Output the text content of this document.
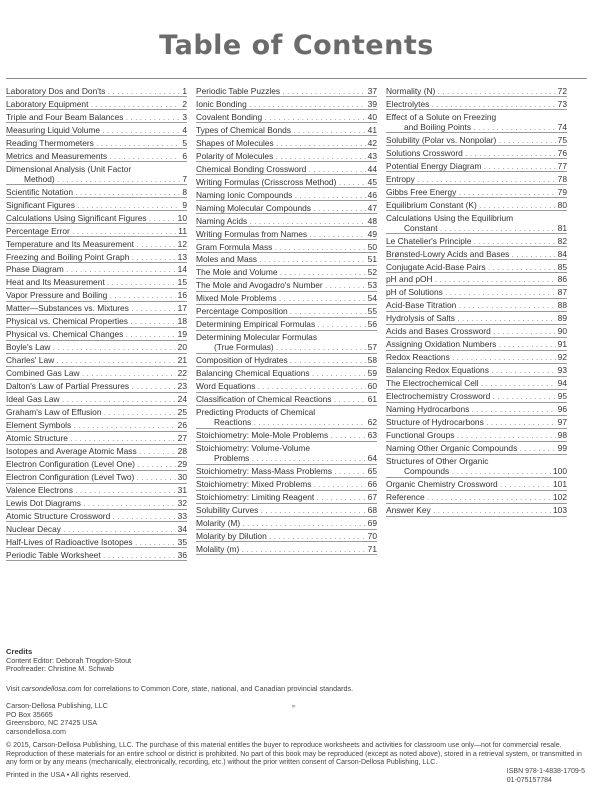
Table of Contents
Laboratory Dos and Don'ts . . .	1
Laboratory Equipment . . .	2
Triple and Four Beam Balances . . .	3
Measuring Liquid Volume . . .	4
Reading Thermometers . . .	5
Metrics and Measurements . . .	6
Dimensional Analysis (Unit Factor
Method) . . .	7
Scientific Notation . . .	8
Significant Figures . . .	9
Calculations Using Significant Figures . . .	10
Percentage Error . . .	11
Temperature and Its Measurement . . .	12
Freezing and Boiling Point Graph . . .	13
Phase Diagram . . .	14
Heat and Its Measurement . . .	15
Vapor Pressure and Boiling . . .	16
Matter—Substances vs. Mixtures . . .	17
Physical vs. Chemical Properties . . .	18
Physical vs. Chemical Changes . . .	19
Boyle's Law . . .	20
Charles' Law . . .	21
Combined Gas Law . . .	22
Dalton's Law of Partial Pressures . . .	23
Ideal Gas Law . . .	24
Graham's Law of Effusion . . .	25
Element Symbols . . .	26
Atomic Structure . . .	27
Isotopes and Average Atomic Mass . . .	28
Electron Configuration (Level One) . . .	29
Electron Configuration (Level Two) . . .	30
Valence Electrons . . .	31
Lewis Dot Diagrams . . .	32
Atomic Structure Crossword . . .	33
Nuclear Decay . . .	34
Half-Lives of Radioactive Isotopes . . .	35
Periodic Table Worksheet . . .	36
Periodic Table Puzzles . . .	37
Ionic Bonding . . .	39
Covalent Bonding . . .	40
Types of Chemical Bonds . . .	41
Shapes of Molecules . . .	42
Polarity of Molecules . . .	43
Chemical Bonding Crossword . . .	44
Writing Formulas (Crisscross Method) . . .	45
Naming Ionic Compounds . . .	46
Naming Molecular Compounds . . .	47
Naming Acids . . .	48
Writing Formulas from Names . . .	49
Gram Formula Mass . . .	50
Moles and Mass . . .	51
The Mole and Volume . . .	52
The Mole and Avogadro's Number . . .	53
Mixed Mole Problems . . .	54
Percentage Composition . . .	55
Determining Empirical Formulas . . .	56
Determining Molecular Formulas
(True Formulas) . . .	57
Composition of Hydrates . . .	58
Balancing Chemical Equations . . .	59
Word Equations . . .	60
Classification of Chemical Reactions . . .	61
Predicting Products of Chemical
Reactions . . .	62
Stoichiometry: Mole-Mole Problems . . .	63
Stoichiometry: Volume-Volume
Problems . . .	64
Stoichiometry: Mass-Mass Problems . . .	65
Stoichiometry: Mixed Problems . . .	66
Stoichiometry: Limiting Reagent . . .	67
Solubility Curves . . .	68
Molarity (M) . . .	69
Molarity by Dilution . . .	70
Molality (m) . . .	71
Normality (N) . . .	72
Electrolytes . . .	73
Effect of a Solute on Freezing
and Boiling Points . . .	74
Solubility (Polar vs. Nonpolar) . . .	75
Solutions Crossword . . .	76
Potential Energy Diagram . . .	77
Entropy . . .	78
Gibbs Free Energy . . .	79
Equilibrium Constant (K) . . .	80
Calculations Using the Equilibrium
Constant . . .	81
Le Chatelier's Principle . . .	82
Brønsted-Lowry Acids and Bases . . .	84
Conjugate Acid-Base Pairs . . .	85
pH and pOH . . .	86
pH of Solutions . . .	87
Acid-Base Titration . . .	88
Hydrolysis of Salts . . .	89
Acids and Bases Crossword . . .	90
Assigning Oxidation Numbers . . .	91
Redox Reactions . . .	92
Balancing Redox Equations . . .	93
The Electrochemical Cell . . .	94
Electrochemistry Crossword . . .	95
Naming Hydrocarbons . . .	96
Structure of Hydrocarbons . . .	97
Functional Groups . . .	98
Naming Other Organic Compounds . . .	99
Structures of Other Organic
Compounds . . .	100
Organic Chemistry Crossword . . .	101
Reference . . .	102
Answer Key . . .	103
Credits
Content Editor: Deborah Trogdon-Stout
Proofreader: Christine M. Schwab
Visit carsondellosa.com for correlations to Common Core, state, national, and Canadian provincial standards.
Carson-Dellosa Publishing, LLC
PO Box 35665
Greensboro, NC 27425 USA
carsondellosa.com
ᵐ
© 2015, Carson-Dellosa Publishing, LLC. The purchase of this material entitles the buyer to reproduce worksheets and activities for classroom use only—not for commercial resale. Reproduction of these materials for an entire school or district is prohibited. No part of this book may be reproduced (except as noted above), stored in a retrieval system, or transmitted in any form or by any means (mechanically, electronically, recording, etc.) without the prior written consent of Carson-Dellosa Publishing, LLC.
Printed in the USA • All rights reserved.	ISBN 978-1-4838-1709-5
01-075157784
